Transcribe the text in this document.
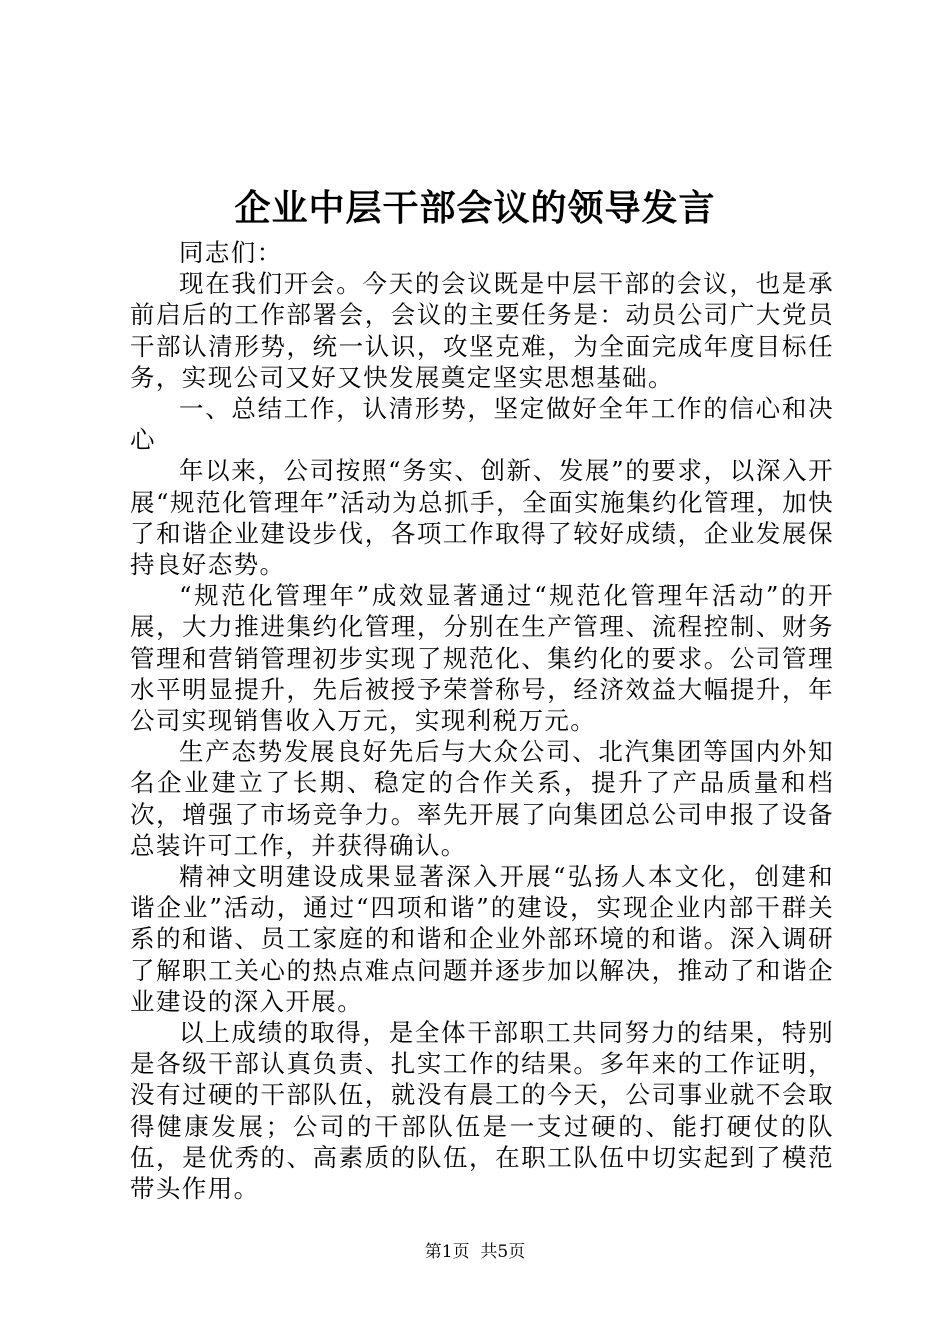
企业中层干部会议的领导发言

同志们：

现在我们开会。今天的会议既是中层干部的会议，也是承前启后的工作部署会，会议的主要任务是：动员公司广大党员干部认清形势，统一认识，攻坚克难，为全面完成年度目标任务，实现公司又好又快发展奠定坚实思想基础。

一、总结工作，认清形势，坚定做好全年工作的信心和决心

年以来，公司按照“务实、创新、发展”的要求，以深入开展“规范化管理年”活动为总抓手，全面实施集约化管理，加快了和谐企业建设步伐，各项工作取得了较好成绩，企业发展保持良好态势。

“规范化管理年”成效显著通过“规范化管理年活动”的开展，大力推进集约化管理，分别在生产管理、流程控制、财务管理和营销管理初步实现了规范化、集约化的要求。公司管理水平明显提升，先后被授予荣誉称号，经济效益大幅提升，年公司实现销售收入万元，实现利税万元。

生产态势发展良好先后与大众公司、北汽集团等国内外知名企业建立了长期、稳定的合作关系，提升了产品质量和档次，增强了市场竞争力。率先开展了向集团总公司申报了设备总装许可工作，并获得确认。

精神文明建设成果显著深入开展“弘扬人本文化，创建和谐企业”活动，通过“四项和谐”的建设，实现企业内部干群关系的和谐、员工家庭的和谐和企业外部环境的和谐。深入调研了解职工关心的热点难点问题并逐步加以解决，推动了和谐企业建设的深入开展。

以上成绩的取得，是全体干部职工共同努力的结果，特别是各级干部认真负责、扎实工作的结果。多年来的工作证明，没有过硬的干部队伍，就没有晨工的今天，公司事业就不会取得健康发展；公司的干部队伍是一支过硬的、能打硬仗的队伍，是优秀的、高素质的队伍，在职工队伍中切实起到了模范带头作用。

第1页 共5页
